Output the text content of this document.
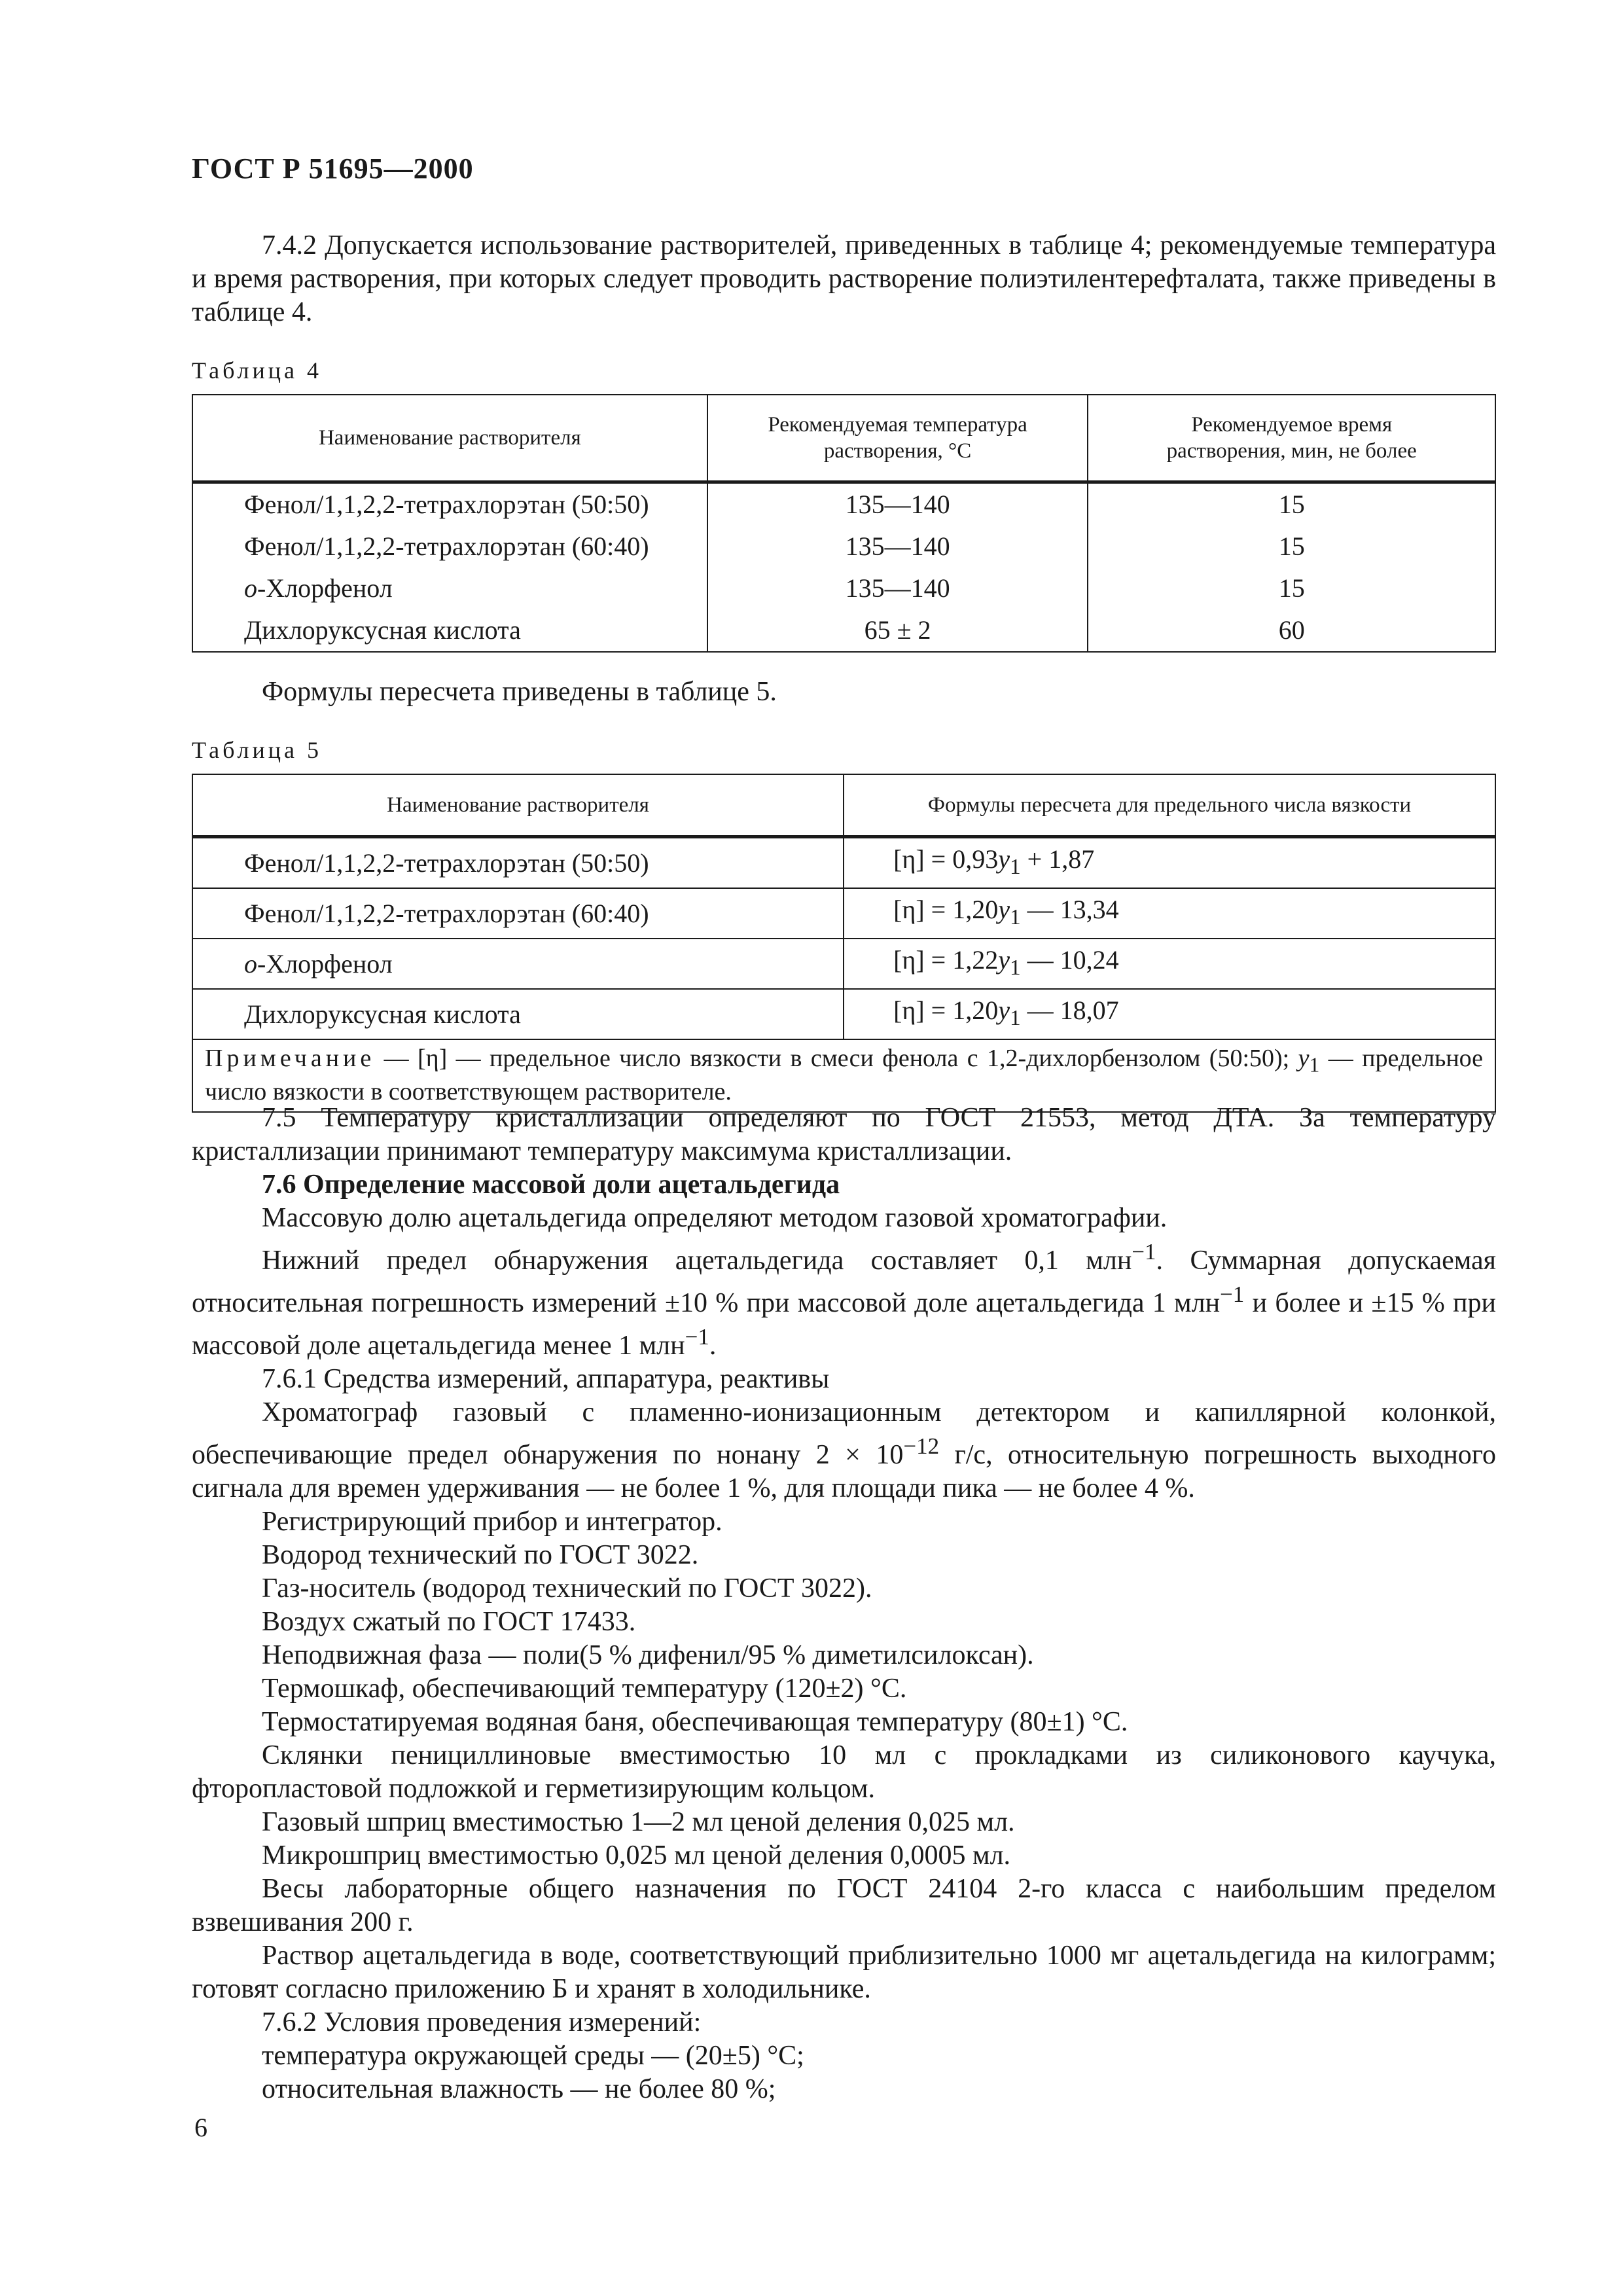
ГОСТ Р 51695—2000

7.4.2 Допускается использование растворителей, приведенных в таблице 4; рекомендуемые температура и время растворения, при которых следует проводить растворение полиэтилентерефталата, также приведены в таблице 4.

Таблица 4
Наименование растворителя	Рекомендуемая температура растворения, °С	Рекомендуемое время растворения, мин, не более
Фенол/1,1,2,2-тетрахлорэтан (50:50)	135—140	15
Фенол/1,1,2,2-тетрахлорэтан (60:40)	135—140	15
о-Хлорфенол	135—140	15
Дихлоруксусная кислота	65 ± 2	60

Формулы пересчета приведены в таблице 5.

Таблица 5
Наименование растворителя	Формулы пересчета для предельного числа вязкости
Фенол/1,1,2,2-тетрахлорэтан (50:50)	$[\eta] = 0,93y_1 + 1,87$
Фенол/1,1,2,2-тетрахлорэтан (60:40)	$[\eta] = 1,20y_1$ — 13,34
о-Хлорфенол	$[\eta] = 1,22y_1$ — 10,24
Дихлоруксусная кислота	$[\eta] = 1,20y_1$ — 18,07
Примечание — [η] — предельное число вязкости в смеси фенола с 1,2-дихлорбензолом (50:50); $y_1$ — предельное число вязкости в соответствующем растворителе.	

7.5 Температуру кристаллизации определяют по ГОСТ 21553, метод ДТА. За температуру кристаллизации принимают температуру максимума кристаллизации.

7.6 Определение массовой доли ацетальдегида

Массовую долю ацетальдегида определяют методом газовой хроматографии.

Нижний предел обнаружения ацетальдегида составляет 0,1 млн$^{-1}$. Суммарная допускаемая относительная погрешность измерений ±10 % при массовой доле ацетальдегида 1 млн$^{-1}$ и более и ±15 % при массовой доле ацетальдегида менее 1 млн$^{-1}$.

7.6.1 Средства измерений, аппаратура, реактивы

Хроматограф газовый с пламенно-ионизационным детектором и капиллярной колонкой, обеспечивающие предел обнаружения по нонану $2 \times 10^{-12}$ г/с, относительную погрешность выходного сигнала для времен удерживания — не более 1 %, для площади пика — не более 4 %.

Регистрирующий прибор и интегратор.

Водород технический по ГОСТ 3022.

Газ-носитель (водород технический по ГОСТ 3022).

Воздух сжатый по ГОСТ 17433.

Неподвижная фаза — поли(5 % дифенил/95 % диметилсилоксан).

Термошкаф, обеспечивающий температуру (120±2) °С.

Термостатируемая водяная баня, обеспечивающая температуру (80±1) °С.

Склянки пенициллиновые вместимостью 10 мл с прокладками из силиконового каучука, фторопластовой подложкой и герметизирующим кольцом.

Газовый шприц вместимостью 1—2 мл ценой деления 0,025 мл.

Микрошприц вместимостью 0,025 мл ценой деления 0,0005 мл.

Весы лабораторные общего назначения по ГОСТ 24104 2-го класса с наибольшим пределом взвешивания 200 г.

Раствор ацетальдегида в воде, соответствующий приблизительно 1000 мг ацетальдегида на килограмм; готовят согласно приложению Б и хранят в холодильнике.

7.6.2 Условия проведения измерений:

температура окружающей среды — (20±5) °С;

относительная влажность — не более 80 %;

6
